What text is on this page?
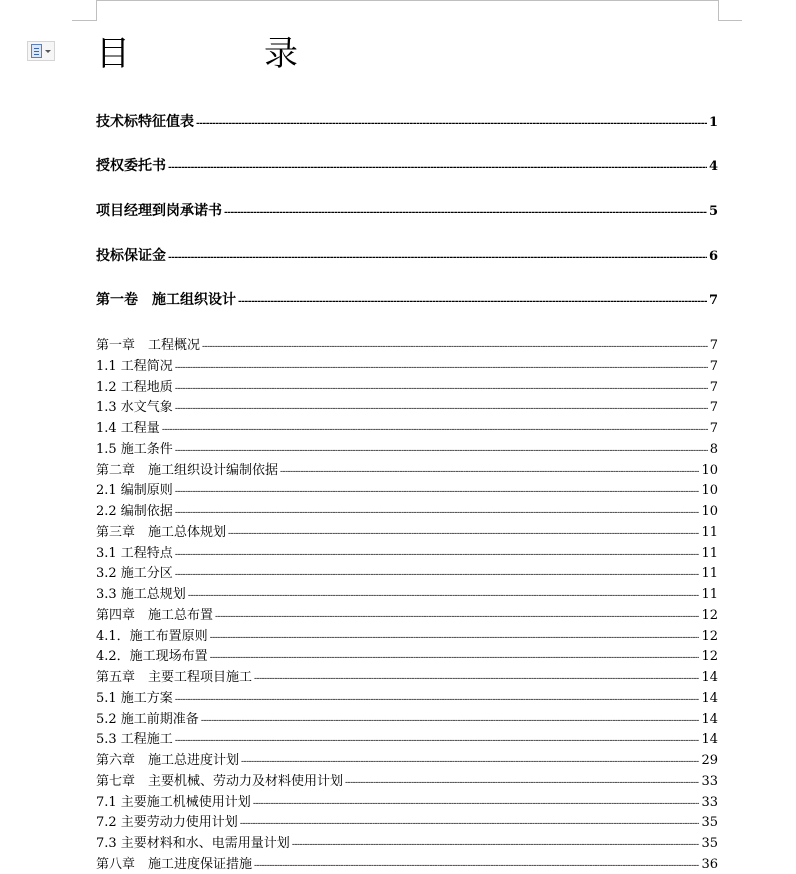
目　录
技术标特征值表 -----	1
授权委托书 -----	4
项目经理到岗承诺书 -----	5
投标保证金 -----	6
第一卷　施工组织设计 -----	7
第一章　工程概况 -----	7
1.1 工程简况 -----	7
1.2 工程地质 -----	7
1.3 水文气象 -----	7
1.4 工程量 -----	7
1.5 施工条件 -----	8
第二章　施工组织设计编制依据 -----	10
2.1 编制原则 -----	10
2.2 编制依据 -----	10
第三章　施工总体规划 -----	11
3.1 工程特点 -----	11
3.2 施工分区 -----	11
3.3 施工总规划 -----	11
第四章　施工总布置 -----	12
4.1．施工布置原则 -----	12
4.2．施工现场布置 -----	12
第五章　主要工程项目施工 -----	14
5.1 施工方案 -----	14
5.2 施工前期准备 -----	14
5.3 工程施工 -----	14
第六章　施工总进度计划 -----	29
第七章　主要机械、劳动力及材料使用计划 -----	33
7.1 主要施工机械使用计划 -----	33
7.2 主要劳动力使用计划 -----	35
7.3 主要材料和水、电需用量计划 -----	35
第八章　施工进度保证措施 -----	36
